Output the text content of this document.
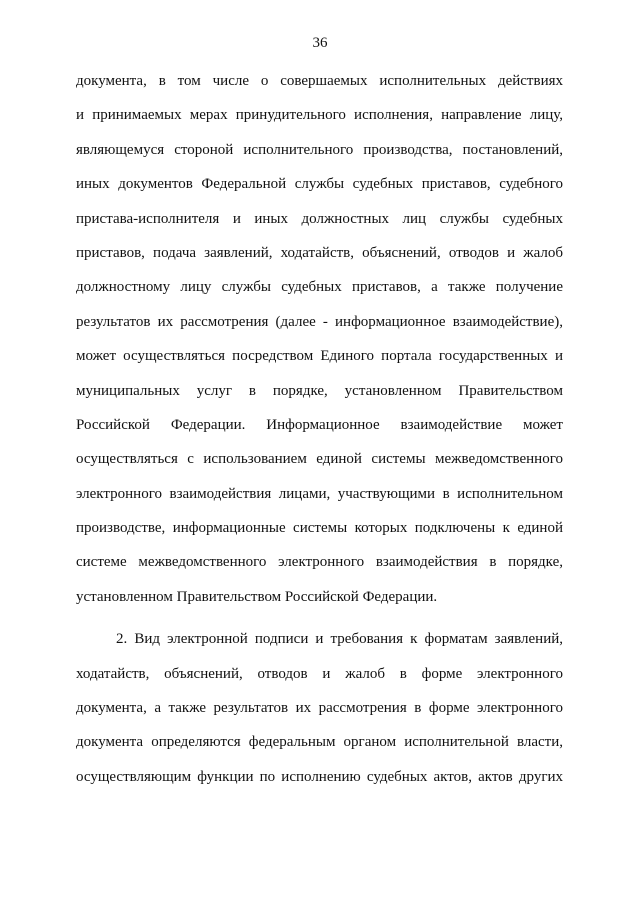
36
документа, в том числе о совершаемых исполнительных действиях
и принимаемых мерах принудительного исполнения, направление лицу,
являющемуся стороной исполнительного производства, постановлений,
иных документов Федеральной службы судебных приставов, судебного
пристава-исполнителя и иных должностных лиц службы судебных
приставов, подача заявлений, ходатайств, объяснений, отводов и жалоб
должностному лицу службы судебных приставов, а также получение
результатов их рассмотрения (далее - информационное взаимодействие),
может осуществляться посредством Единого портала государственных и
муниципальных услуг в порядке, установленном Правительством
Российской Федерации. Информационное взаимодействие может
осуществляться с использованием единой системы межведомственного
электронного взаимодействия лицами, участвующими в исполнительном
производстве, информационные системы которых подключены к единой
системе межведомственного электронного взаимодействия в порядке,
установленном Правительством Российской Федерации.
2. Вид электронной подписи и требования к форматам заявлений,
ходатайств, объяснений, отводов и жалоб в форме электронного
документа, а также результатов их рассмотрения в форме электронного
документа определяются федеральным органом исполнительной власти,
осуществляющим функции по исполнению судебных актов, актов других
